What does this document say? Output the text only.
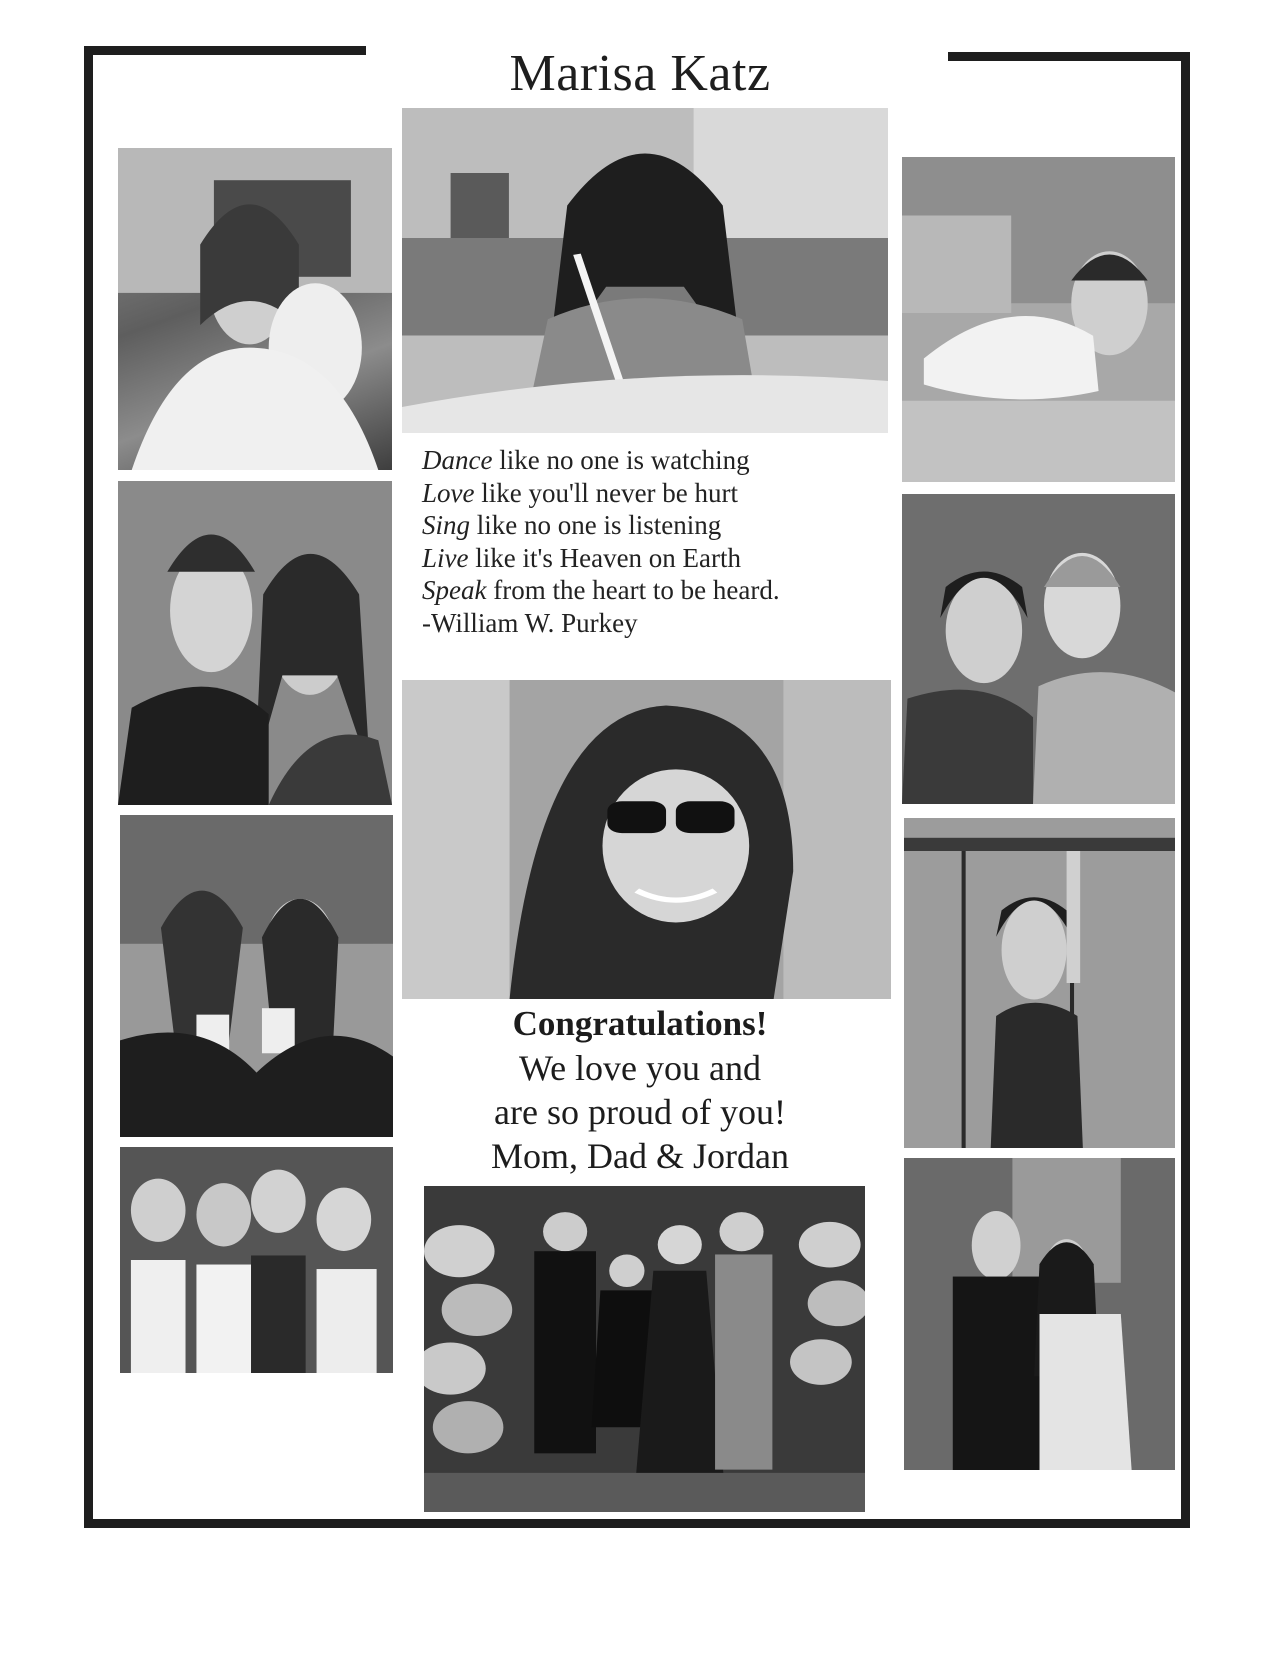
Marisa Katz
Dance like no one is watching
Love like you'll never be hurt
Sing like no one is listening
Live like it's Heaven on Earth
Speak from the heart to be heard.
-William W. Purkey
Congratulations!
We love you and
are so proud of you!
Mom, Dad & Jordan
